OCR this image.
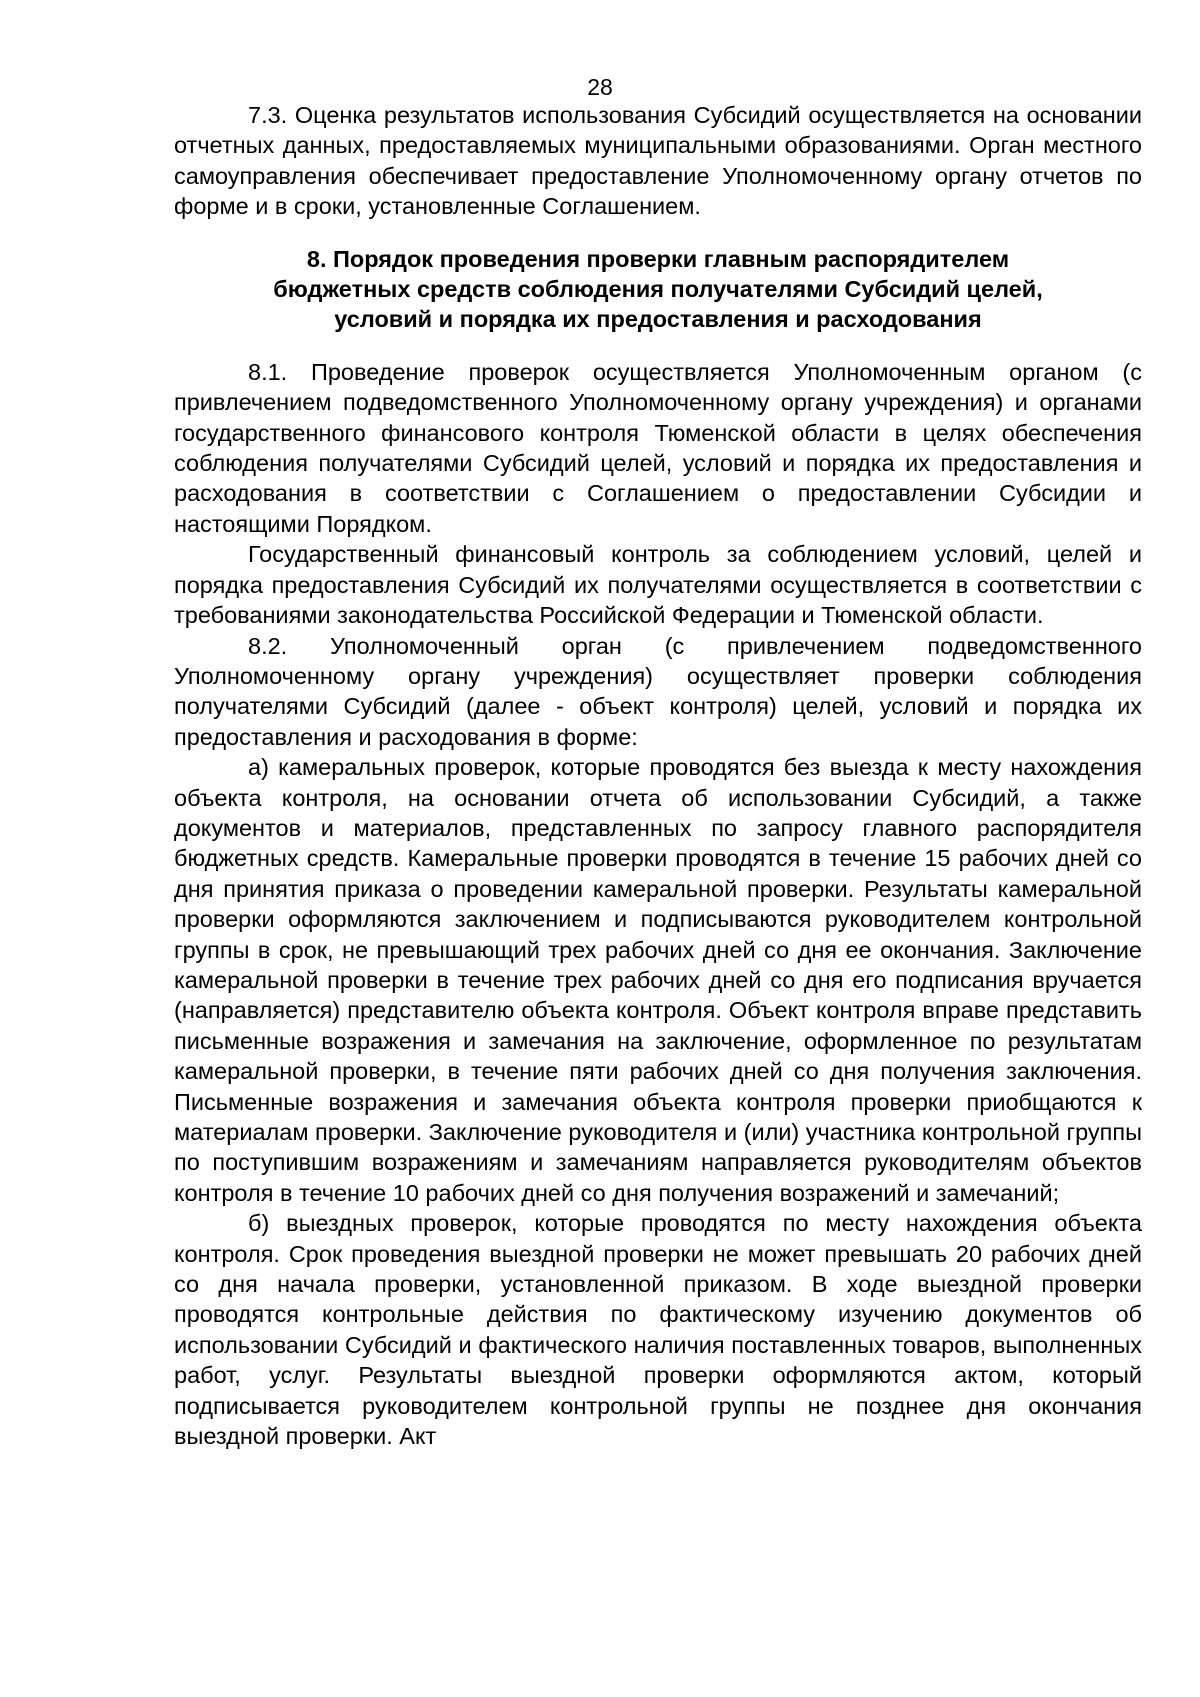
28

7.3. Оценка результатов использования Субсидий осуществляется на основании отчетных данных, предоставляемых муниципальными образованиями. Орган местного самоуправления обеспечивает предоставление Уполномоченному органу отчетов по форме и в сроки, установленные Соглашением.

8. Порядок проведения проверки главным распорядителем
бюджетных средств соблюдения получателями Субсидий целей,
условий и порядка их предоставления и расходования

8.1. Проведение проверок осуществляется Уполномоченным органом (с привлечением подведомственного Уполномоченному органу учреждения) и органами государственного финансового контроля Тюменской области в целях обеспечения соблюдения получателями Субсидий целей, условий и порядка их предоставления и расходования в соответствии с Соглашением о предоставлении Субсидии и настоящими Порядком.

Государственный финансовый контроль за соблюдением условий, целей и порядка предоставления Субсидий их получателями осуществляется в соответствии с требованиями законодательства Российской Федерации и Тюменской области.

8.2. Уполномоченный орган (с привлечением подведомственного Уполномоченному органу учреждения) осуществляет проверки соблюдения получателями Субсидий (далее - объект контроля) целей, условий и порядка их предоставления и расходования в форме:

а) камеральных проверок, которые проводятся без выезда к месту нахождения объекта контроля, на основании отчета об использовании Субсидий, а также документов и материалов, представленных по запросу главного распорядителя бюджетных средств. Камеральные проверки проводятся в течение 15 рабочих дней со дня принятия приказа о проведении камеральной проверки. Результаты камеральной проверки оформляются заключением и подписываются руководителем контрольной группы в срок, не превышающий трех рабочих дней со дня ее окончания. Заключение камеральной проверки в течение трех рабочих дней со дня его подписания вручается (направляется) представителю объекта контроля. Объект контроля вправе представить письменные возражения и замечания на заключение, оформленное по результатам камеральной проверки, в течение пяти рабочих дней со дня получения заключения. Письменные возражения и замечания объекта контроля проверки приобщаются к материалам проверки. Заключение руководителя и (или) участника контрольной группы по поступившим возражениям и замечаниям направляется руководителям объектов контроля в течение 10 рабочих дней со дня получения возражений и замечаний;

б) выездных проверок, которые проводятся по месту нахождения объекта контроля. Срок проведения выездной проверки не может превышать 20 рабочих дней со дня начала проверки, установленной приказом. В ходе выездной проверки проводятся контрольные действия по фактическому изучению документов об использовании Субсидий и фактического наличия поставленных товаров, выполненных работ, услуг. Результаты выездной проверки оформляются актом, который подписывается руководителем контрольной группы не позднее дня окончания выездной проверки. Акт
